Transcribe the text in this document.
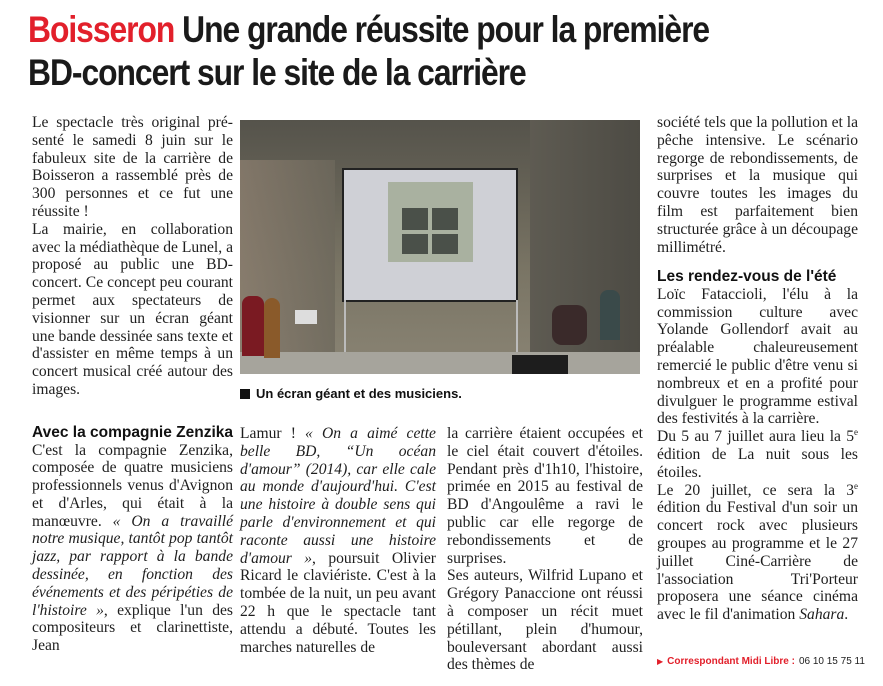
Boisseron Une grande réussite pour la première
BD-concert sur le site de la carrière

Le spectacle très original pré-senté le samedi 8 juin sur le fabuleux site de la carrière de Boisseron a rassemblé près de 300 personnes et ce fut une réussite !

La mairie, en collaboration avec la médiathèque de Lunel, a proposé au public une BD-concert. Ce concept peu courant permet aux spectateurs de visionner sur un écran géant une bande dessinée sans texte et d'assister en même temps à un concert musical créé autour des images.	Un écran géant et des musiciens.
Avec la compagnie Zenzika

C'est la compagnie Zenzika, composée de quatre musiciens professionnels venus d'Avignon et d'Arles, qui était à la manœuvre. « On a travaillé notre musique, tantôt pop tantôt jazz, par rapport à la bande dessinée, en fonction des événements et des péripéties de l'histoire », explique l'un des compositeurs et clarinettiste, Jean

Lamur ! « On a aimé cette belle BD, “Un océan d'amour” (2014), car elle cale au monde d'aujourd'hui. C'est une histoire à double sens qui parle d'environnement et qui raconte aussi une histoire d'amour », poursuit Olivier Ricard le claviériste. C'est à la tombée de la nuit, un peu avant 22 h que le spectacle tant attendu a débuté. Toutes les marches naturelles de

la carrière étaient occupées et le ciel était couvert d'étoiles. Pendant près d'1h10, l'histoire, primée en 2015 au festival de BD d'Angoulême a ravi le public car elle regorge de rebondissements et de surprises.

Ses auteurs, Wilfrid Lupano et Grégory Panaccione ont réussi à composer un récit muet pétillant, plein d'humour, bouleversant abordant aussi des thèmes de

société tels que la pollution et la pêche intensive. Le scénario regorge de rebondissements, de surprises et la musique qui couvre toutes les images du film est parfaitement bien structurée grâce à un découpage millimétré.

Les rendez-vous de l'été

Loïc Fataccioli, l'élu à la commission culture avec Yolande Gollendorf avait au préalable chaleureusement remercié le public d'être venu si nombreux et en a profité pour divulguer le programme estival des festivités à la carrière.

Du 5 au 7 juillet aura lieu la 5e édition de La nuit sous les étoiles.

Le 20 juillet, ce sera la 3e édition du Festival d'un soir un concert rock avec plusieurs groupes au programme et le 27 juillet Ciné-Carrière de l'association Tri'Porteur proposera une séance cinéma avec le fil d'animation Sahara.

▶ Correspondant Midi Libre : 06 10 15 75 11
